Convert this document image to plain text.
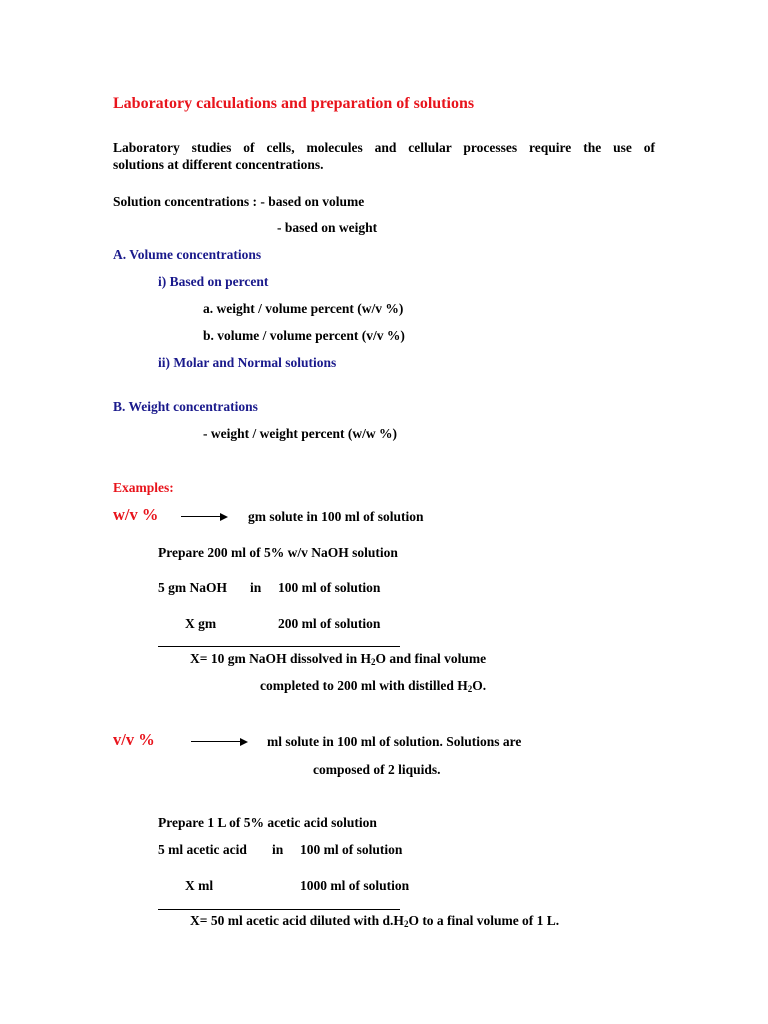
Laboratory calculations and preparation of solutions
Laboratory studies of cells, molecules and cellular processes require the use of
solutions at different concentrations.
Solution concentrations : - based on volume
- based on weight
A. Volume concentrations
i) Based on percent
a. weight / volume percent (w/v %)
b. volume / volume percent (v/v %)
ii) Molar and Normal solutions
B. Weight concentrations
- weight / weight percent (w/w %)
Examples:
w/v %	gm solute in 100 ml of solution
Prepare 200 ml of 5% w/v NaOH solution
5 gm NaOH in 100 ml of solution
X gm	200 ml of solution
X= 10 gm NaOH dissolved in $H_2O$ and final volume
completed to 200 ml with distilled $H_2O$.
v/v %	ml solute in 100 ml of solution. Solutions are
composed of 2 liquids.
Prepare 1 L of 5% acetic acid solution
5 ml acetic acid in 100 ml of solution
X ml	1000 ml of solution
X= 50 ml acetic acid diluted with $d.H_2O$ to a final volume of 1 L.
